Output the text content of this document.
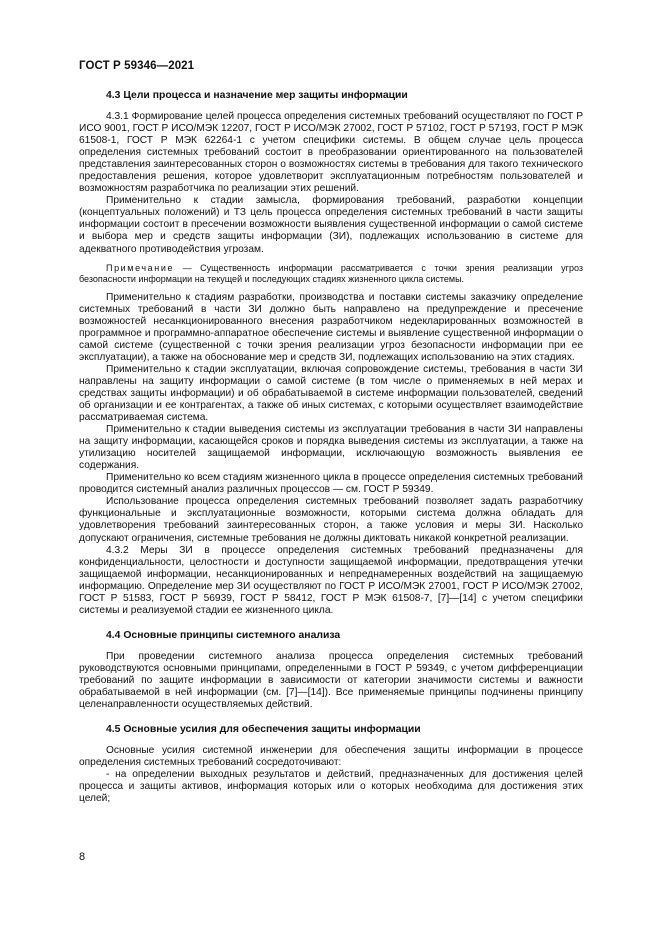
ГОСТ Р 59346—2021
4.3 Цели процесса и назначение мер защиты информации

4.3.1 Формирование целей процесса определения системных требований осуществляют по ГОСТ Р ИСО 9001, ГОСТ Р ИСО/МЭК 12207, ГОСТ Р ИСО/МЭК 27002, ГОСТ Р 57102, ГОСТ Р 57193, ГОСТ Р МЭК 61508-1, ГОСТ Р МЭК 62264-1 с учетом специфики системы. В общем случае цель процесса определения системных требований состоит в преобразовании ориентированного на пользователей представления заинтересованных сторон о возможностях системы в требования для такого технического предоставления решения, которое удовлетворит эксплуатационным потребностям пользователей и возможностям разработчика по реализации этих решений.

Применительно к стадии замысла, формирования требований, разработки концепции (концептуальных положений) и ТЗ цель процесса определения системных требований в части защиты информации состоит в пресечении возможности выявления существенной информации о самой системе и выбора мер и средств защиты информации (ЗИ), подлежащих использованию в системе для адекватного противодействия угрозам.

Примечание — Существенность информации рассматривается с точки зрения реализации угроз безопасности информации на текущей и последующих стадиях жизненного цикла системы.

Применительно к стадиям разработки, производства и поставки системы заказчику определение системных требований в части ЗИ должно быть направлено на предупреждение и пресечение возможностей несанкционированного внесения разработчиком недекларированных возможностей в программное и программно-аппаратное обеспечение системы и выявление существенной информации о самой системе (существенной с точки зрения реализации угроз безопасности информации при ее эксплуатации), а также на обоснование мер и средств ЗИ, подлежащих использованию на этих стадиях.

Применительно к стадии эксплуатации, включая сопровождение системы, требования в части ЗИ направлены на защиту информации о самой системе (в том числе о применяемых в ней мерах и средствах защиты информации) и об обрабатываемой в системе информации пользователей, сведений об организации и ее контрагентах, а также об иных системах, с которыми осуществляет взаимодействие рассматриваемая система.

Применительно к стадии выведения системы из эксплуатации требования в части ЗИ направлены на защиту информации, касающейся сроков и порядка выведения системы из эксплуатации, а также на утилизацию носителей защищаемой информации, исключающую возможность выявления ее содержания.

Применительно ко всем стадиям жизненного цикла в процессе определения системных требований проводится системный анализ различных процессов — см. ГОСТ Р 59349.

Использование процесса определения системных требований позволяет задать разработчику функциональные и эксплуатационные возможности, которыми система должна обладать для удовлетворения требований заинтересованных сторон, а также условия и меры ЗИ. Насколько допускают ограничения, системные требования не должны диктовать никакой конкретной реализации.

4.3.2 Меры ЗИ в процессе определения системных требований предназначены для конфиденциальности, целостности и доступности защищаемой информации, предотвращения утечки защищаемой информации, несанкционированных и непреднамеренных воздействий на защищаемую информацию. Определение мер ЗИ осуществляют по ГОСТ Р ИСО/МЭК 27001, ГОСТ Р ИСО/МЭК 27002, ГОСТ Р 51583, ГОСТ Р 56939, ГОСТ Р 58412, ГОСТ Р МЭК 61508-7, [7]—[14] с учетом специфики системы и реализуемой стадии ее жизненного цикла.

4.4 Основные принципы системного анализа

При проведении системного анализа процесса определения системных требований руководствуются основными принципами, определенными в ГОСТ Р 59349, с учетом дифференциации требований по защите информации в зависимости от категории значимости системы и важности обрабатываемой в ней информации (см. [7]—[14]). Все применяемые принципы подчинены принципу целенаправленности осуществляемых действий.

4.5 Основные усилия для обеспечения защиты информации

Основные усилия системной инженерии для обеспечения защиты информации в процессе определения системных требований сосредоточивают:

- на определении выходных результатов и действий, предназначенных для достижения целей процесса и защиты активов, информация которых или о которых необходима для достижения этих целей;

8
